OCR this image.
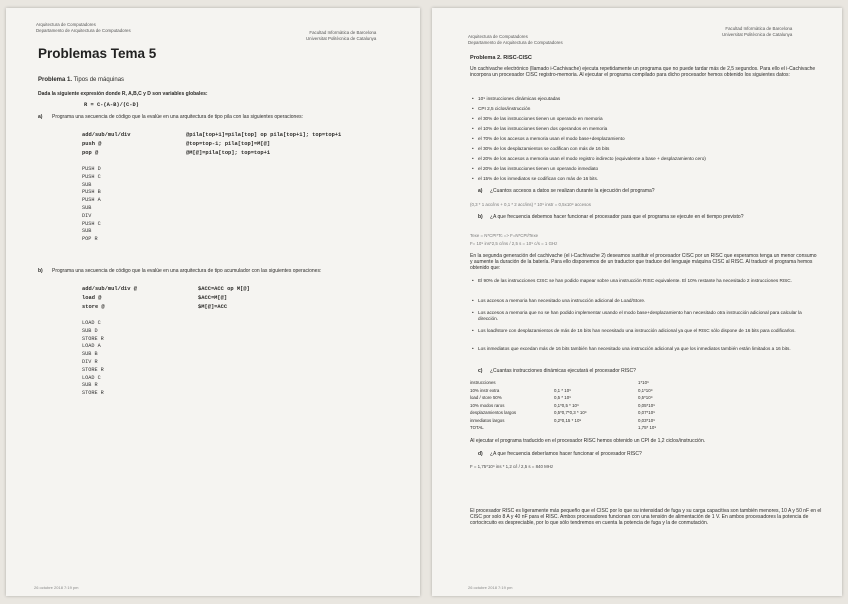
Arquitectura de Computadores
Departamento de Arquitectura de Computadores	Facultad Informàtica de Barcelona
Universitat Politècnica de Catalunya
Problemas Tema 5
Problema 1. Tipos de máquinas
Dada la siguiente expresión donde R, A,B,C y D son variables globales:
R = C-(A-B)/(C-D)
a) Programa una secuencia de código que la evalúe en una arquitectura de tipo pila con las siguientes operaciones:
add/sub/mul/div	@pila[top+1]=pila[top] op pila[top+1]; top=top+1
push @	@top=top-1; pila[top]=M[@]
pop @	@M[@]=pila[top]; top=top+1
PUSH D
PUSH C
SUB
PUSH B
PUSH A
SUB
DIV
PUSH C
SUB
POP R
b) Programa una secuencia de código que la evalúe en una arquitectura de tipo acumulador con las siguientes operaciones:
add/sub/mul/div @	$ACC=ACC op M[@]
load @	$ACC=M[@]
store @	$M[@]=ACC
LOAD C
SUB D
STORE R
LOAD A
SUB B
DIV R
STORE R
LOAD C
SUB R
STORE R
26 octubre 2018 7:19 pm
Arquitectura de Computadores
Departamento de Arquitectura de Computadores
Facultad Informàtica de Barcelona
Universitat Politècnica de Catalunya
Problema 2. RISC-CISC
Un cachivache electrónico (llamado i-Cachivache) ejecuta repetidamente un programa que no puede tardar más de 2,5 segundos. Para ello el i-Cachivache incorpora un procesador CISC registro-memoria. Al ejecutar el programa compilado para dicho procesador hemos obtenido los siguientes datos:
• 10⁹ instrucciones dinámicas ejecutadas
• CPI 2,5 ciclos/instrucción
• el 30% de las instrucciones tienen un operando en memoria
• el 10% de las instrucciones tienen dos operandos en memoria
• el 70% de los accesos a memoria usan el modo base+desplazamiento
• el 30% de los desplazamientos se codifican con más de 16 bits
• el 20% de los accesos a memoria usan el modo registro indirecto (equivalente a base + desplazamiento cero)
• el 20% de las instrucciones tienen un operando inmediato
• el 15% de los inmediatos se codifican con más de 16 bits.
a) ¿Cuantos accesos a datos se realizan durante la ejecución del programa?
(0,3 * 1 acc/ins + 0,1 * 2 acc/ins) * 10⁹ instr = 0,5x10⁹ accesos
b) ¿A que frecuencia debemos hacer funcionar el procesador para que el programa se ejecute en el tiempo previsto?
Texe = N*CPI*Tc => F=N*CPI/Texe
F= 10⁹ ins*2,5 c/ins / 2,5 s = 10⁹ c/s = 1 GHz
En la segunda generación del cachivache (el i-Cachivache 2) deseamos sustituir el procesador CISC por un RISC que esperamos tenga un menor consumo y aumente la duración de la batería. Para ello disponemos de un traductor que traduce del lenguaje máquina CISC al RISC. Al traducir el programa hemos obtenido que:
• El 90% de las instrucciones CISC se han podido mapear sobre una instrucción RISC equivalente. El 10% restante ha necesitado 2 instrucciones RISC.
• Los accesos a memoria han necesitado una instrucción adicional de Load/Store.
• Los accesos a memoria que no se han podido implementar usando el modo base+desplazamiento han necesitado otra instrucción adicional para calcular la dirección.
• Los load/store con desplazamientos de más de 16 bits han necesitado una instrucción adicional ya que el RISC sólo dispone de 16 bits para codificarlos.
• Los inmediatos que excedan más de 16 bits también han necesitado una instrucción adicional ya que los inmediatos también están limitados a 16 bits.
c) ¿Cuantas instrucciones dinámicas ejecutará el procesador RISC?
instrucciones		1*10⁹
10% instr extra	0,1 * 10⁹	0,1*10⁹
load / store 50%	0,5 * 10⁹	0,5*10⁹
10% modos raros	0,1*0,5 * 10⁹	0,05*10⁹
desplazamientos largos	0,5*0,7*0,3 * 10⁹	0,07*10⁹
inmediatos largos	0,2*0,15 * 10⁹	0,03*10⁹
TOTAL		1,75* 10⁹
Al ejecutar el programa traducido en el procesador RISC hemos obtenido un CPI de 1,2 ciclos/instrucción.
d) ¿A que frecuencia deberíamos hacer funcionar el procesador RISC?
F = 1,75*10⁹ ins * 1,2 c/i / 2,5 s = 840 MHz
El procesador RISC es ligeramente más pequeño que el CISC por lo que su intensidad de fuga y su carga capacitiva son también menores, 10 A y 50 nF en el CISC por solo 8 A y 40 nF para el RISC. Ambos procesadores funcionan con una tensión de alimentación de 1 V. En ambos procesadores la potencia de cortocircuito es despreciable, por lo que sólo tendremos en cuenta la potencia de fuga y la de conmutación.
26 octubre 2018 7:19 pm
